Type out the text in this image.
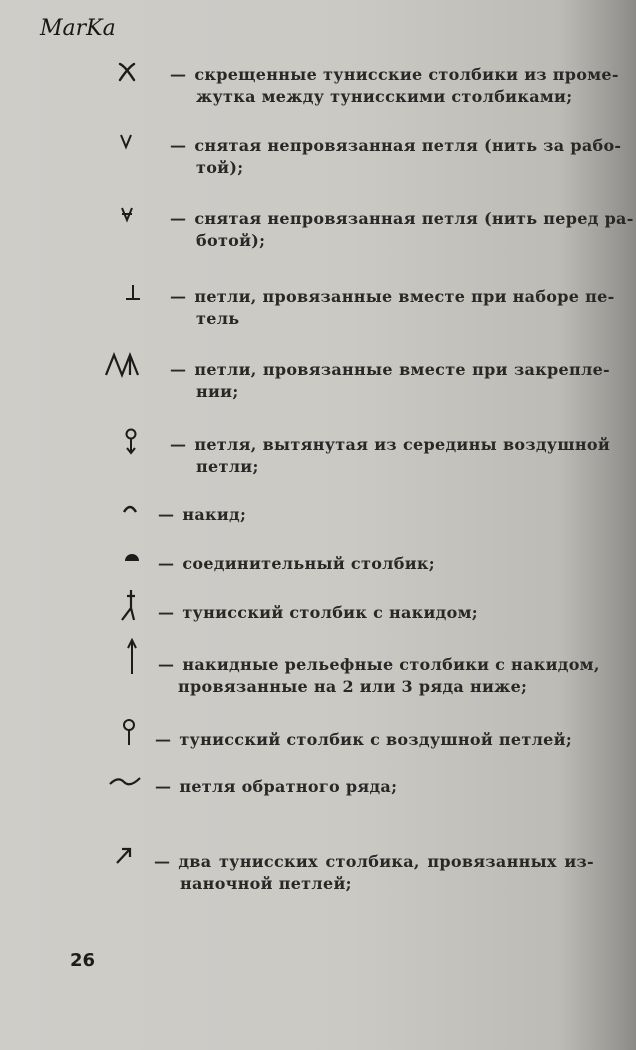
MarKa
— скрещенные тунисские столбики из проме-
жутка между тунисскими столбиками;
— снятая непровязанная петля (нить за рабо-
той);
— снятая непровязанная петля (нить перед ра-
ботой);
— петли, провязанные вместе при наборе пе-
тель
— петли, провязанные вместе при закрепле-
нии;
— петля, вытянутая из середины воздушной
петли;
— накид;
— соединительный столбик;
— тунисский столбик с накидом;
— накидные рельефные столбики с накидом,
провязанные на 2 или 3 ряда ниже;
— тунисский столбик с воздушной петлей;
— петля обратного ряда;
— два тунисских столбика, провязанных из-
наночной петлей;
26
